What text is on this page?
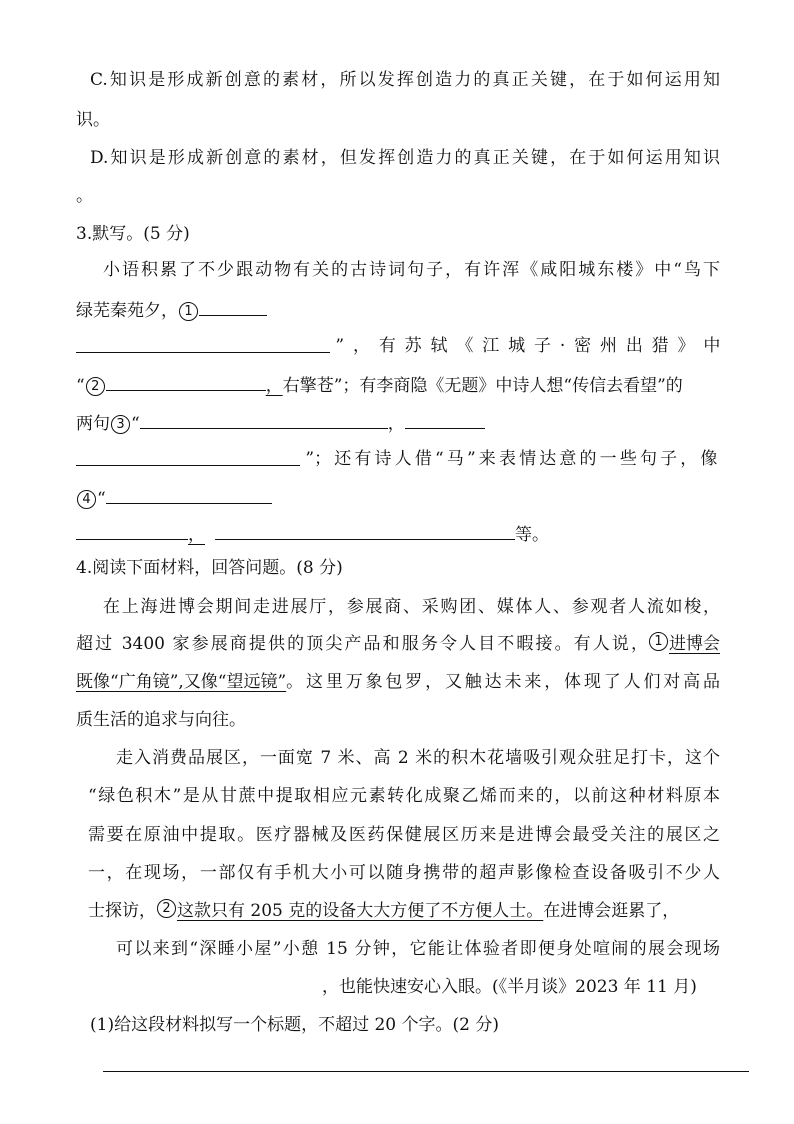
C.知识是形成新创意的素材，所以发挥创造力的真正关键，在于如何运用知
识。
D.知识是形成新创意的素材，但发挥创造力的真正关键，在于如何运用知识
。
3.默写。(5 分)
小语积累了不少跟动物有关的古诗词句子，有许浑《咸阳城东楼》中“鸟下
绿芜秦苑夕， 1
”，有苏轼《江城子·密州出猎》中
“ 2	，右擎苍”；有李商隐《无题》中诗人想“传信去看望”的
两句 3 “	，
”；还有诗人借“马”来表情达意的一些句子，像
4 “
，	等。
4.阅读下面材料，回答问题。(8 分)
在上海进博会期间走进展厅，参展商、采购团、媒体人、参观者人流如梭，
超过 3400 家参展商提供的顶尖产品和服务令人目不暇接。有人说， 1 进博会
既像“广角镜”,又像“望远镜” 。这里万象包罗，又触达未来，体现了人们对高品
质生活的追求与向往。
走入消费品展区，一面宽 7 米、高 2 米的积木花墙吸引观众驻足打卡，这个
“绿色积木”是从甘蔗中提取相应元素转化成聚乙烯而来的，以前这种材料原本
需要在原油中提取。医疗器械及医药保健展区历来是进博会最受关注的展区之
一，在现场，一部仅有手机大小可以随身携带的超声影像检查设备吸引不少人
士探访， 2 这款只有 205 克的设备大大方便了不方便人士。 在进博会逛累了，
可以来到“深睡小屋”小憩 15 分钟，它能让体验者即便身处喧闹的展会现场
，也能快速安心入眼。(《半月谈》2023 年 11 月)
(1)给这段材料拟写一个标题，不超过 20 个字。(2 分)
